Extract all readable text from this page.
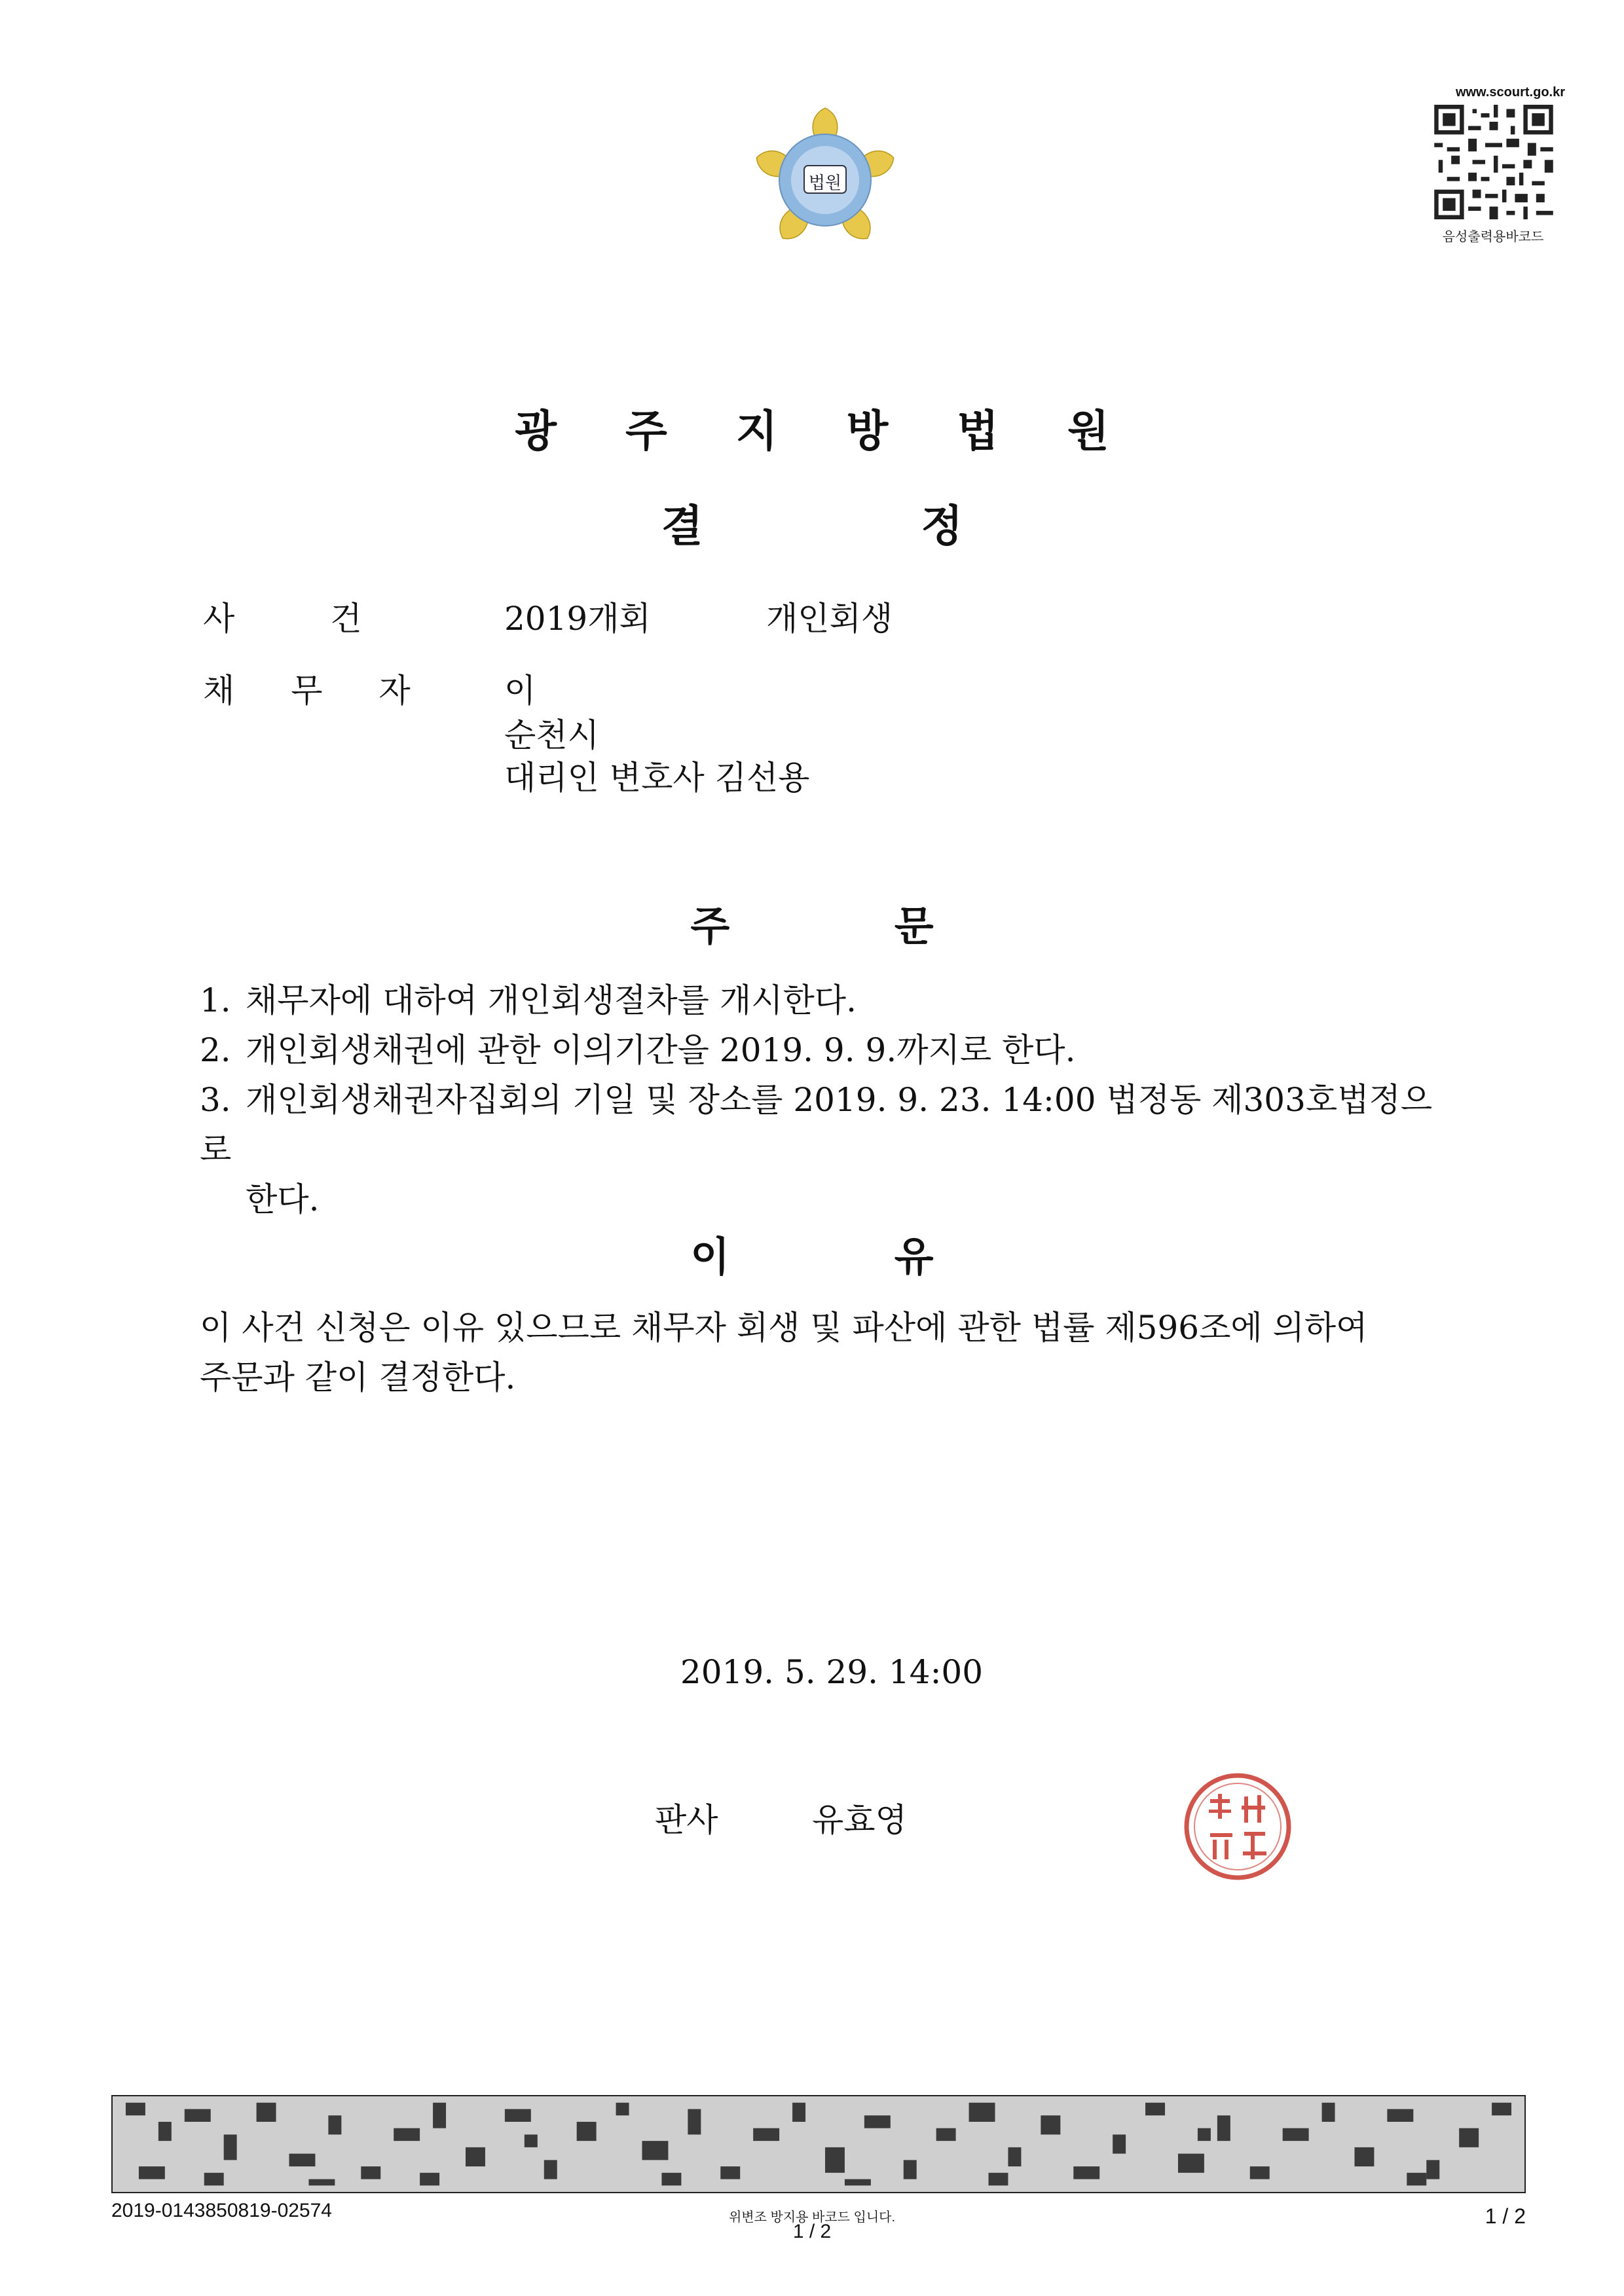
법원
www.scourt.go.kr
음성출력용바코드
광 주 지 방 법 원
결 정
사 건	2019개회	개인회생
채 무 자	이
순천시
대리인 변호사 김선용
주 문
1. 채무자에 대하여 개인회생절차를 개시한다.
2. 개인회생채권에 관한 이의기간을 2019. 9. 9.까지로 한다.
3. 개인회생채권자집회의 기일 및 장소를 2019. 9. 23. 14:00 법정동 제303호법정으로
한다.
이 유
이 사건 신청은 이유 있으므로 채무자 회생 및 파산에 관한 법률 제596조에 의하여
주문과 같이 결정한다.
2019. 5. 29. 14:00
판사	유효영
2019-0143850819-02574	위변조 방지용 바코드 입니다.
1 / 2
1 / 2
